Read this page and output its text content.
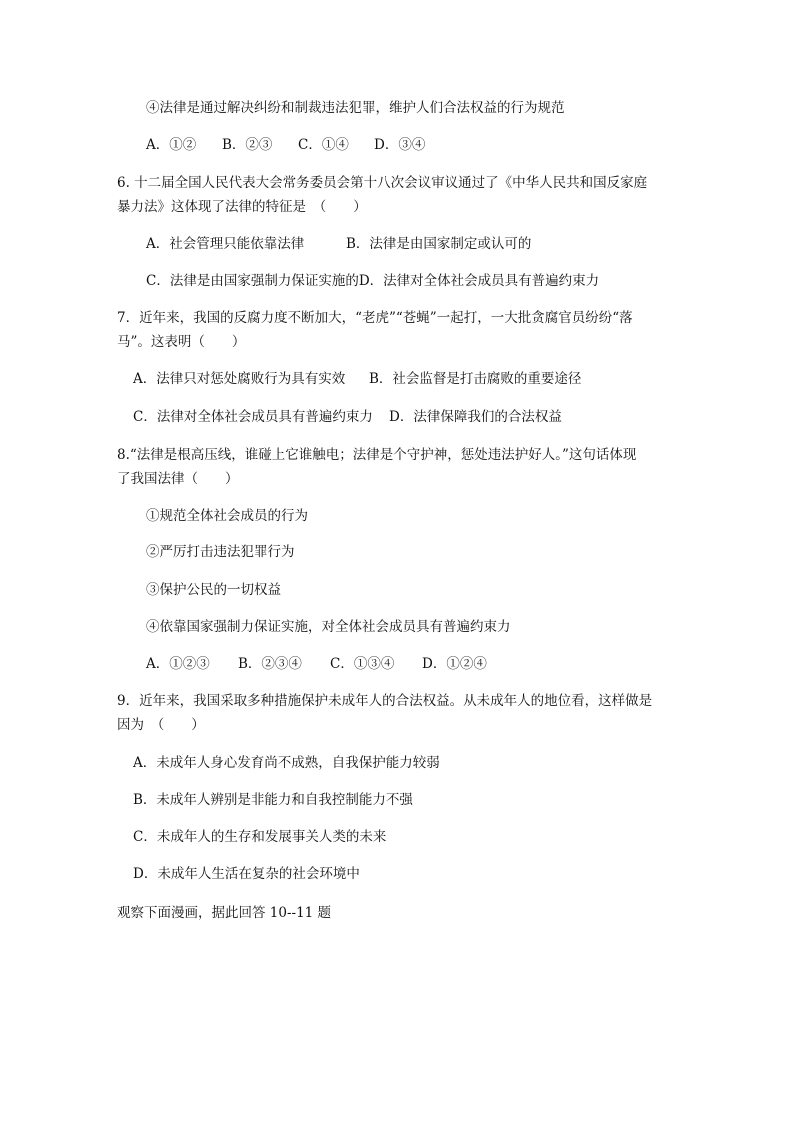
④法律是通过解决纠纷和制裁违法犯罪，维护人们合法权益的行为规范
A．①② B．②③ C．①④ D．③④
6. 十二届全国人民代表大会常务委员会第十八次会议审议通过了《中华人民共和国反家庭
暴力法》这体现了法律的特征是　（　　）
A．社会管理只能依靠法律	B．法律是由国家制定或认可的
C．法律是由国家强制力保证实施的D．法律对全体社会成员具有普遍约束力
7．近年来，我国的反腐力度不断加大，“老虎”“苍蝇”一起打，一大批贪腐官员纷纷“落
马”。这表明（　　）
A．法律只对惩处腐败行为具有实效 B．社会监督是打击腐败的重要途径
C．法律对全体社会成员具有普遍约束力 D．法律保障我们的合法权益
8.“法律是根高压线，谁碰上它谁触电；法律是个守护神，惩处违法护好人。”这句话体现
了我国法律（　　）
①规范全体社会成员的行为
②严厉打击违法犯罪行为
③保护公民的一切权益
④依靠国家强制力保证实施，对全体社会成员具有普遍约束力
A．①②③ B．②③④ C．①③④ D．①②④
9．近年来，我国采取多种措施保护未成年人的合法权益。从未成年人的地位看，这样做是
因为　（　　）
A．未成年人身心发育尚不成熟，自我保护能力较弱
B．未成年人辨别是非能力和自我控制能力不强
C．未成年人的生存和发展事关人类的未来
D．未成年人生活在复杂的社会环境中
观察下面漫画，据此回答 10--11 题
